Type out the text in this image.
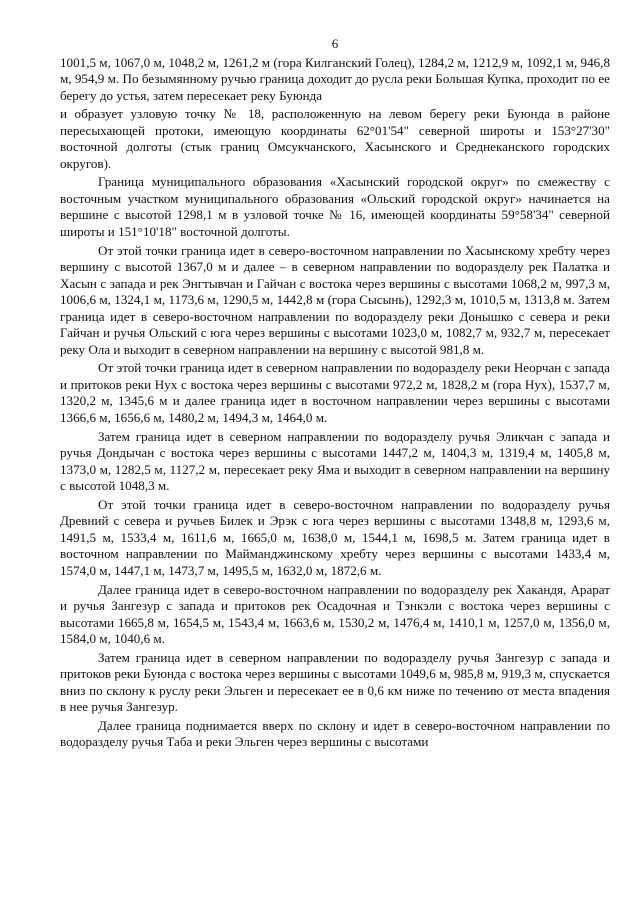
6

1001,5 м, 1067,0 м, 1048,2 м, 1261,2 м (гора Килганский Голец), 1284,2 м, 1212,9 м, 1092,1 м, 946,8 м, 954,9 м. По безымянному ручью граница доходит до русла реки Большая Купка, проходит по ее берегу до устья, затем пересекает реку Буюнда

и образует узловую точку № 18, расположенную на левом берегу реки Буюнда в районе пересыхающей протоки, имеющую координаты 62°01'54" северной широты и 153°27'30" восточной долготы (стык границ Омсукчанского, Хасынского и Среднеканского городских округов).

Граница муниципального образования «Хасынский городской округ» по смежеству с восточным участком муниципального образования «Ольский городской округ» начинается на вершине с высотой 1298,1 м в узловой точке № 16, имеющей координаты 59°58'34" северной широты и 151°10'18" восточной долготы.

От этой точки граница идет в северо-восточном направлении по Хасынскому хребту через вершину с высотой 1367,0 м и далее – в северном направлении по водоразделу рек Палатка и Хасын с запада и рек Энгтывчан и Гайчан с востока через вершины с высотами 1068,2 м, 997,3 м, 1006,6 м, 1324,1 м, 1173,6 м, 1290,5 м, 1442,8 м (гора Сысынь), 1292,3 м, 1010,5 м, 1313,8 м. Затем граница идет в северо-восточном направлении по водоразделу реки Донышко с севера и реки Гайчан и ручья Ольский с юга через вершины с высотами 1023,0 м, 1082,7 м, 932,7 м, пересекает реку Ола и выходит в северном направлении на вершину с высотой 981,8 м.

От этой точки граница идет в северном направлении по водоразделу реки Неорчан с запада и притоков реки Нух с востока через вершины с высотами 972,2 м, 1828,2 м (гора Нух), 1537,7 м, 1320,2 м, 1345,6 м и далее граница идет в восточном направлении через вершины с высотами 1366,6 м, 1656,6 м, 1480,2 м, 1494,3 м, 1464,0 м.

Затем граница идет в северном направлении по водоразделу ручья Эликчан с запада и ручья Дондычан с востока через вершины с высотами 1447,2 м, 1404,3 м, 1319,4 м, 1405,8 м, 1373,0 м, 1282,5 м, 1127,2 м, пересекает реку Яма и выходит в северном направлении на вершину с высотой 1048,3 м.

От этой точки граница идет в северо-восточном направлении по водоразделу ручья Древний с севера и ручьев Билек и Эрэк с юга через вершины с высотами 1348,8 м, 1293,6 м, 1491,5 м, 1533,4 м, 1611,6 м, 1665,0 м, 1638,0 м, 1544,1 м, 1698,5 м. Затем граница идет в восточном направлении по Майманджинскому хребту через вершины с высотами 1433,4 м, 1574,0 м, 1447,1 м, 1473,7 м, 1495,5 м, 1632,0 м, 1872,6 м.

Далее граница идет в северо-восточном направлении по водоразделу рек Хакандя, Арарат и ручья Зангезур с запада и притоков рек Осадочная и Тэнкэли с востока через вершины с высотами 1665,8 м, 1654,5 м, 1543,4 м, 1663,6 м, 1530,2 м, 1476,4 м, 1410,1 м, 1257,0 м, 1356,0 м, 1584,0 м, 1040,6 м.

Затем граница идет в северном направлении по водоразделу ручья Зангезур с запада и притоков реки Буюнда с востока через вершины с высотами 1049,6 м, 985,8 м, 919,3 м, спускается вниз по склону к руслу реки Эльген и пересекает ее в 0,6 км ниже по течению от места впадения в нее ручья Зангезур.

Далее граница поднимается вверх по склону и идет в северо-восточном направлении по водоразделу ручья Таба и реки Эльген через вершины с высотами
